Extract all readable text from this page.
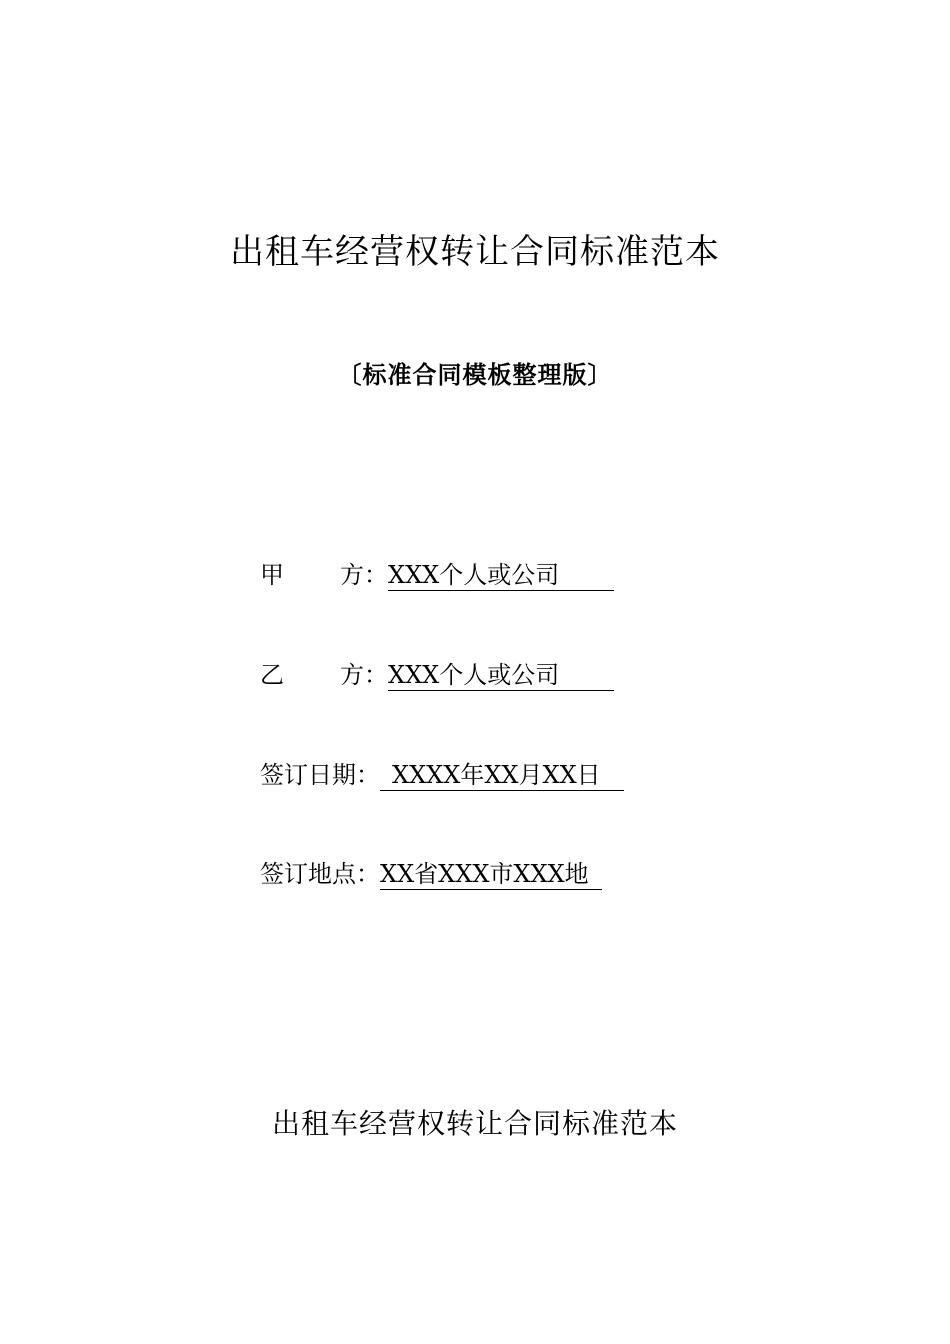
出租车经营权转让合同标准范本
〔标准合同模板整理版〕
甲 方： XXX个人或公司
乙 方： XXX个人或公司
签订日期： XXXX年XX月XX日
签订地点： XX省XXX市XXX地
出租车经营权转让合同标准范本
